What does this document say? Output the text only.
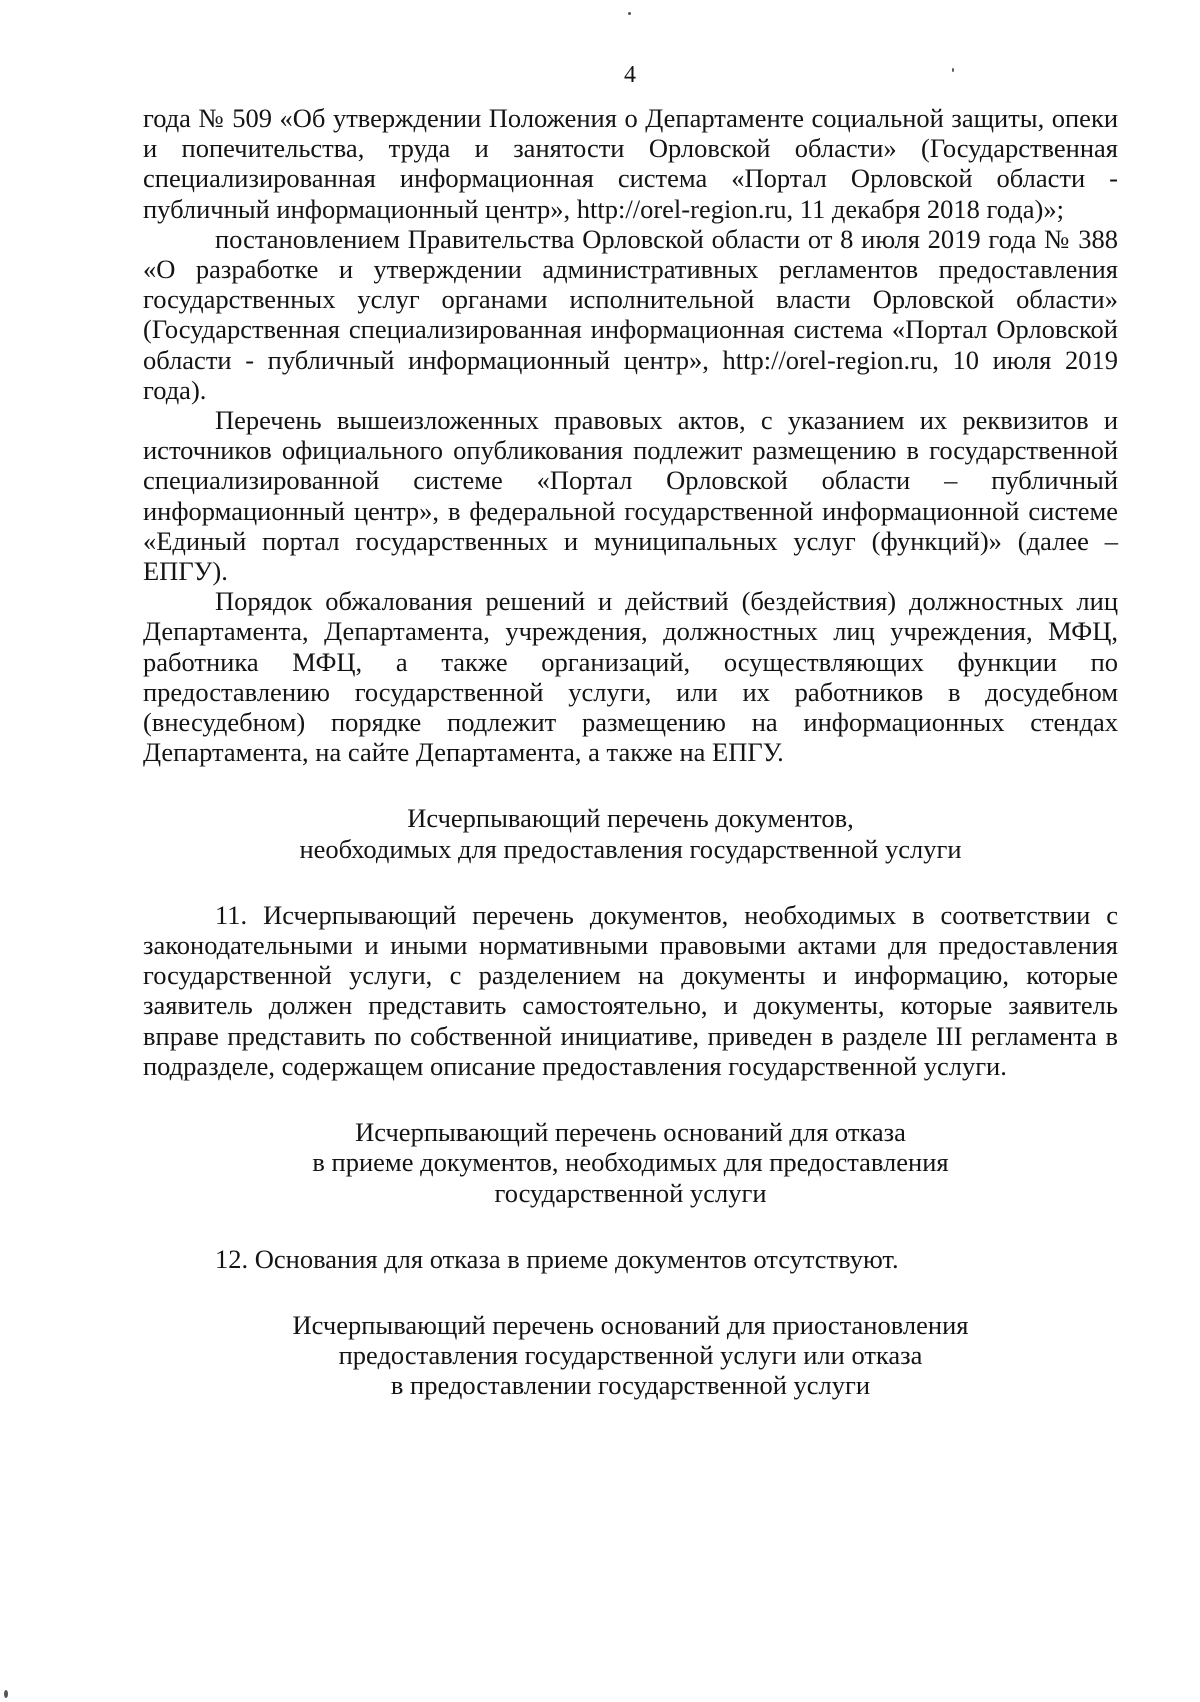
4

года № 509 «Об утверждении Положения о Департаменте социальной защиты, опеки и попечительства, труда и занятости Орловской области» (Государственная специализированная информационная система «Портал Орловской области - публичный информационный центр», http://orel-region.ru, 11 декабря 2018 года)»;

постановлением Правительства Орловской области от 8 июля 2019 года № 388 «О разработке и утверждении административных регламентов предоставления государственных услуг органами исполнительной власти Орловской области» (Государственная специализированная информационная система «Портал Орловской области - публичный информационный центр», http://orel-region.ru, 10 июля 2019 года).

Перечень вышеизложенных правовых актов, с указанием их реквизитов и источников официального опубликования подлежит размещению в государственной специализированной системе «Портал Орловской области – публичный информационный центр», в федеральной государственной информационной системе «Единый портал государственных и муниципальных услуг (функций)» (далее – ЕПГУ).

Порядок обжалования решений и действий (бездействия) должностных лиц Департамента, Департамента, учреждения, должностных лиц учреждения, МФЦ, работника МФЦ, а также организаций, осуществляющих функции по предоставлению государственной услуги, или их работников в досудебном (внесудебном) порядке подлежит размещению на информационных стендах Департамента, на сайте Департамента, а также на ЕПГУ.

Исчерпывающий перечень документов,

необходимых для предоставления государственной услуги

11. Исчерпывающий перечень документов, необходимых в соответствии с законодательными и иными нормативными правовыми актами для предоставления государственной услуги, с разделением на документы и информацию, которые заявитель должен представить самостоятельно, и документы, которые заявитель вправе представить по собственной инициативе, приведен в разделе III регламента в подразделе, содержащем описание предоставления государственной услуги.

Исчерпывающий перечень оснований для отказа

в приеме документов, необходимых для предоставления

государственной услуги

12. Основания для отказа в приеме документов отсутствуют.

Исчерпывающий перечень оснований для приостановления

предоставления государственной услуги или отказа

в предоставлении государственной услуги
